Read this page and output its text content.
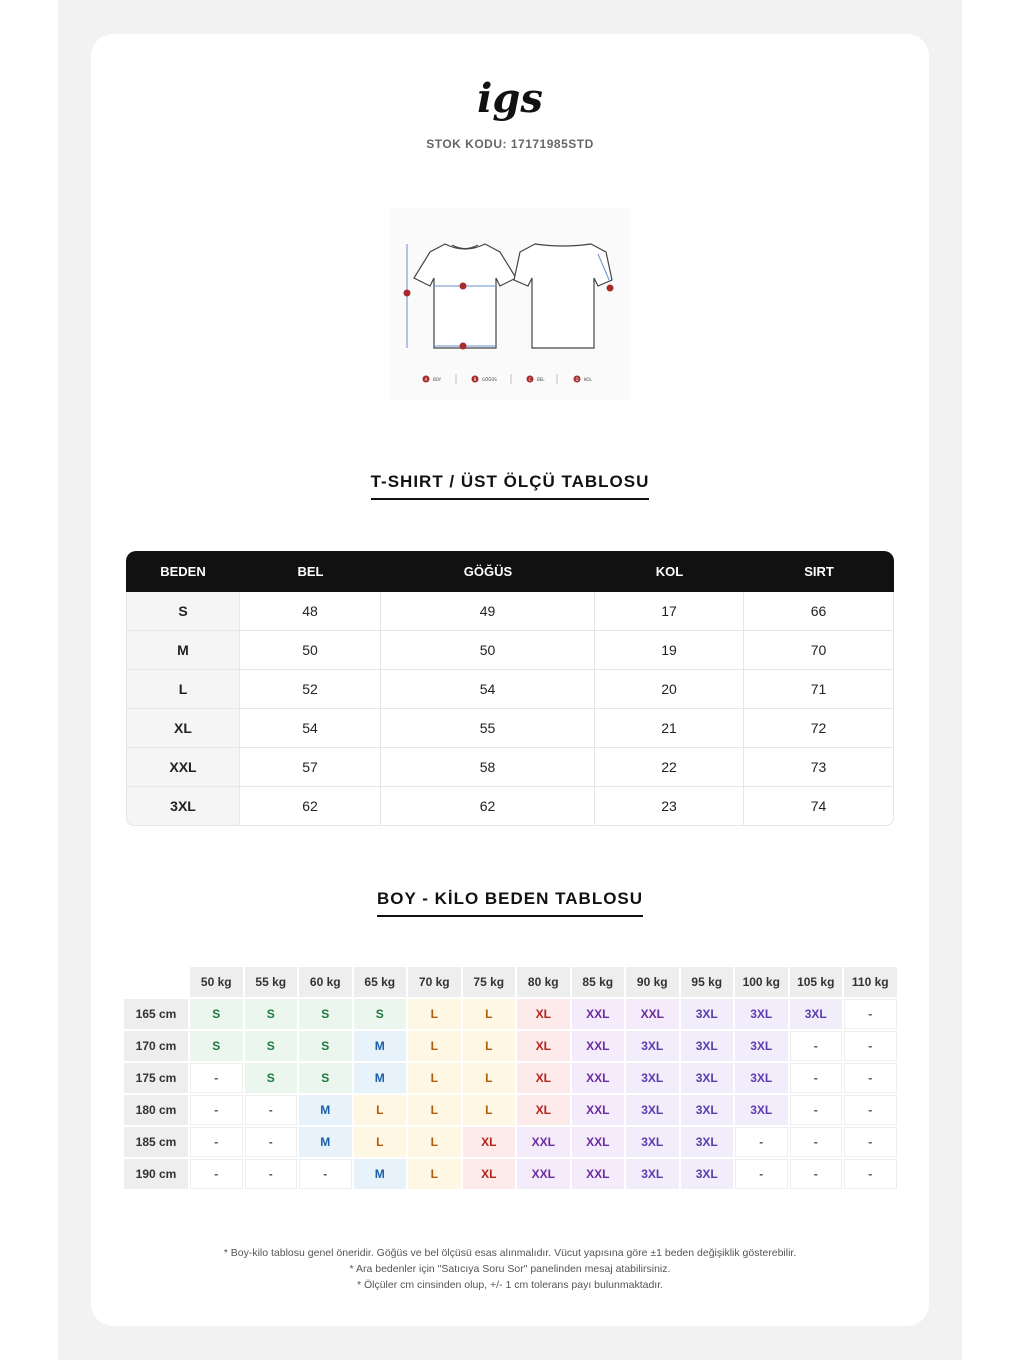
igs
STOK KODU: 17171985STD
A BOY	B GÖĞÜS	C BEL	D KOL
T-SHIRT / ÜST ÖLÇÜ TABLOSU
BEDEN	BEL	GÖĞÜS	KOL	SIRT
S	48	49	17	66
M	50	50	19	70
L	52	54	20	71
XL	54	55	21	72
XXL	57	58	22	73
3XL	62	62	23	74
BOY - KİLO BEDEN TABLOSU
50 kg	55 kg	60 kg	65 kg	70 kg	75 kg	80 kg	85 kg	90 kg	95 kg	100 kg	105 kg	110 kg
165 cm	S	S	S	S	L	L	XL	XXL	XXL	3XL	3XL	3XL	-
170 cm	S	S	S	M	L	L	XL	XXL	3XL	3XL	3XL	-	-
175 cm	-	S	S	M	L	L	XL	XXL	3XL	3XL	3XL	-	-
180 cm	-	-	M	L	L	L	XL	XXL	3XL	3XL	3XL	-	-
185 cm	-	-	M	L	L	XL	XXL	XXL	3XL	3XL	-	-	-
190 cm	-	-	-	M	L	XL	XXL	XXL	3XL	3XL	-	-	-
* Boy-kilo tablosu genel öneridir. Göğüs ve bel ölçüsü esas alınmalıdır. Vücut yapısına göre ±1 beden değişiklik gösterebilir.
* Ara bedenler için "Satıcıya Soru Sor" panelinden mesaj atabilirsiniz.
* Ölçüler cm cinsinden olup, +/- 1 cm tolerans payı bulunmaktadır.
